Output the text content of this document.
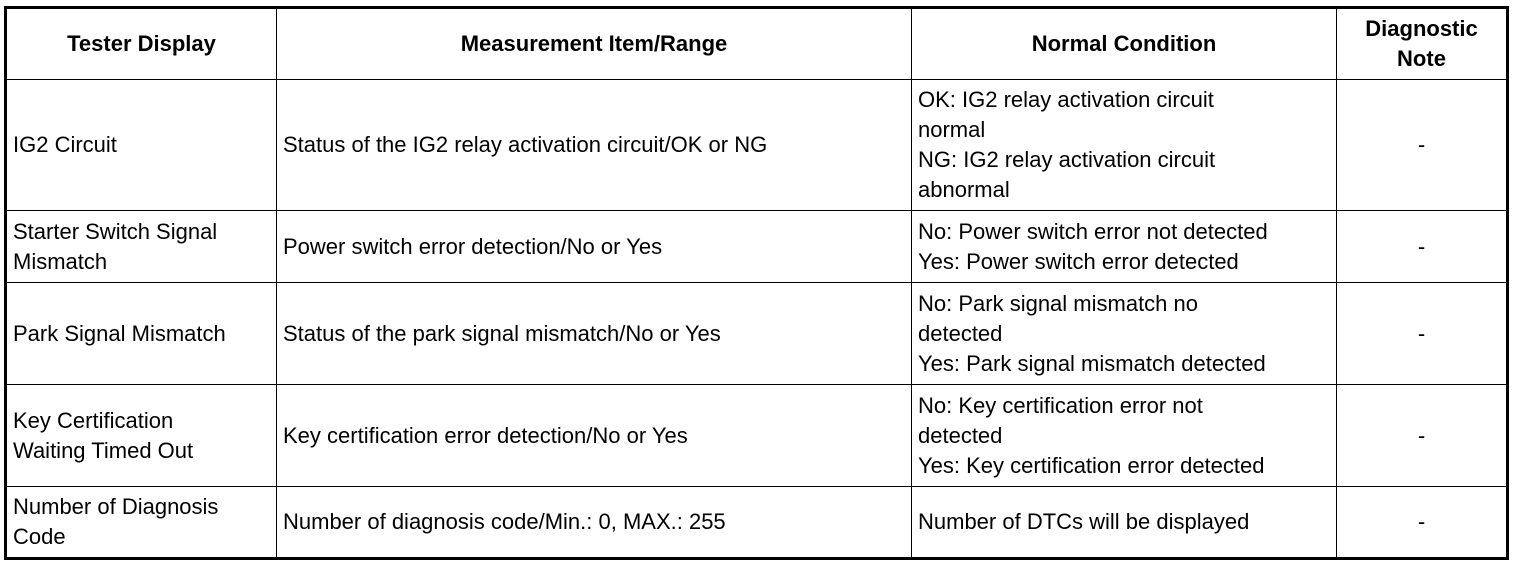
Tester Display	Measurement Item/Range	Normal Condition	Diagnostic
Note
IG2 Circuit	Status of the IG2 relay activation circuit/OK or NG	OK: IG2 relay activation circuit
normal
NG: IG2 relay activation circuit
abnormal	-
Starter Switch Signal
Mismatch	Power switch error detection/No or Yes	No: Power switch error not detected
Yes: Power switch error detected	-
Park Signal Mismatch	Status of the park signal mismatch/No or Yes	No: Park signal mismatch no
detected
Yes: Park signal mismatch detected	-
Key Certification
Waiting Timed Out	Key certification error detection/No or Yes	No: Key certification error not
detected
Yes: Key certification error detected	-
Number of Diagnosis
Code	Number of diagnosis code/Min.: 0, MAX.: 255	Number of DTCs will be displayed	-
